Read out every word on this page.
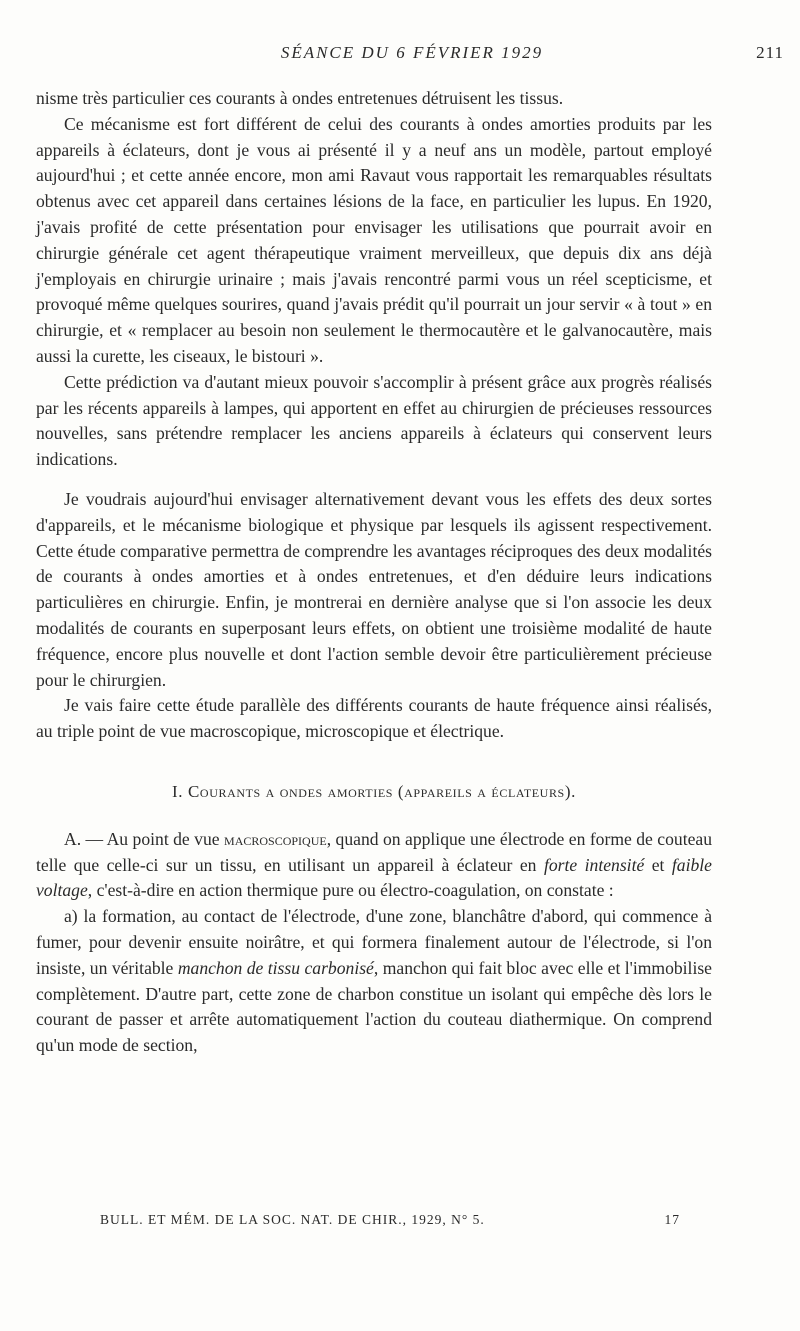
SÉANCE DU 6 FÉVRIER 1929	211

nisme très particulier ces courants à ondes entretenues détruisent les tissus.

Ce mécanisme est fort différent de celui des courants à ondes amorties produits par les appareils à éclateurs, dont je vous ai présenté il y a neuf ans un modèle, partout employé aujourd'hui ; et cette année encore, mon ami Ravaut vous rapportait les remarquables résultats obtenus avec cet appareil dans certaines lésions de la face, en particulier les lupus. En 1920, j'avais profité de cette présentation pour envisager les utilisations que pourrait avoir en chirurgie générale cet agent thérapeutique vraiment merveilleux, que depuis dix ans déjà j'employais en chirurgie urinaire ; mais j'avais rencontré parmi vous un réel scepticisme, et provoqué même quelques sourires, quand j'avais prédit qu'il pourrait un jour servir « à tout » en chirurgie, et « remplacer au besoin non seulement le thermocautère et le galvanocautère, mais aussi la curette, les ciseaux, le bistouri ».

Cette prédiction va d'autant mieux pouvoir s'accomplir à présent grâce aux progrès réalisés par les récents appareils à lampes, qui apportent en effet au chirurgien de précieuses ressources nouvelles, sans prétendre remplacer les anciens appareils à éclateurs qui conservent leurs indications.

Je voudrais aujourd'hui envisager alternativement devant vous les effets des deux sortes d'appareils, et le mécanisme biologique et physique par lesquels ils agissent respectivement. Cette étude comparative permettra de comprendre les avantages réciproques des deux modalités de courants à ondes amorties et à ondes entretenues, et d'en déduire leurs indications particulières en chirurgie. Enfin, je montrerai en dernière analyse que si l'on associe les deux modalités de courants en superposant leurs effets, on obtient une troisième modalité de haute fréquence, encore plus nouvelle et dont l'action semble devoir être particulièrement précieuse pour le chirurgien.

Je vais faire cette étude parallèle des différents courants de haute fréquence ainsi réalisés, au triple point de vue macroscopique, microscopique et électrique.

I. Courants a ondes amorties (appareils a éclateurs).

A. — Au point de vue macroscopique, quand on applique une électrode en forme de couteau telle que celle-ci sur un tissu, en utilisant un appareil à éclateur en forte intensité et faible voltage, c'est-à-dire en action thermique pure ou électro-coagulation, on constate :

a) la formation, au contact de l'électrode, d'une zone, blanchâtre d'abord, qui commence à fumer, pour devenir ensuite noirâtre, et qui formera finalement autour de l'électrode, si l'on insiste, un véritable manchon de tissu carbonisé, manchon qui fait bloc avec elle et l'immobilise complètement. D'autre part, cette zone de charbon constitue un isolant qui empêche dès lors le courant de passer et arrête automatiquement l'action du couteau diathermique. On comprend qu'un mode de section,

BULL. ET MÉM. DE LA SOC. NAT. DE CHIR., 1929, N° 5.	17
